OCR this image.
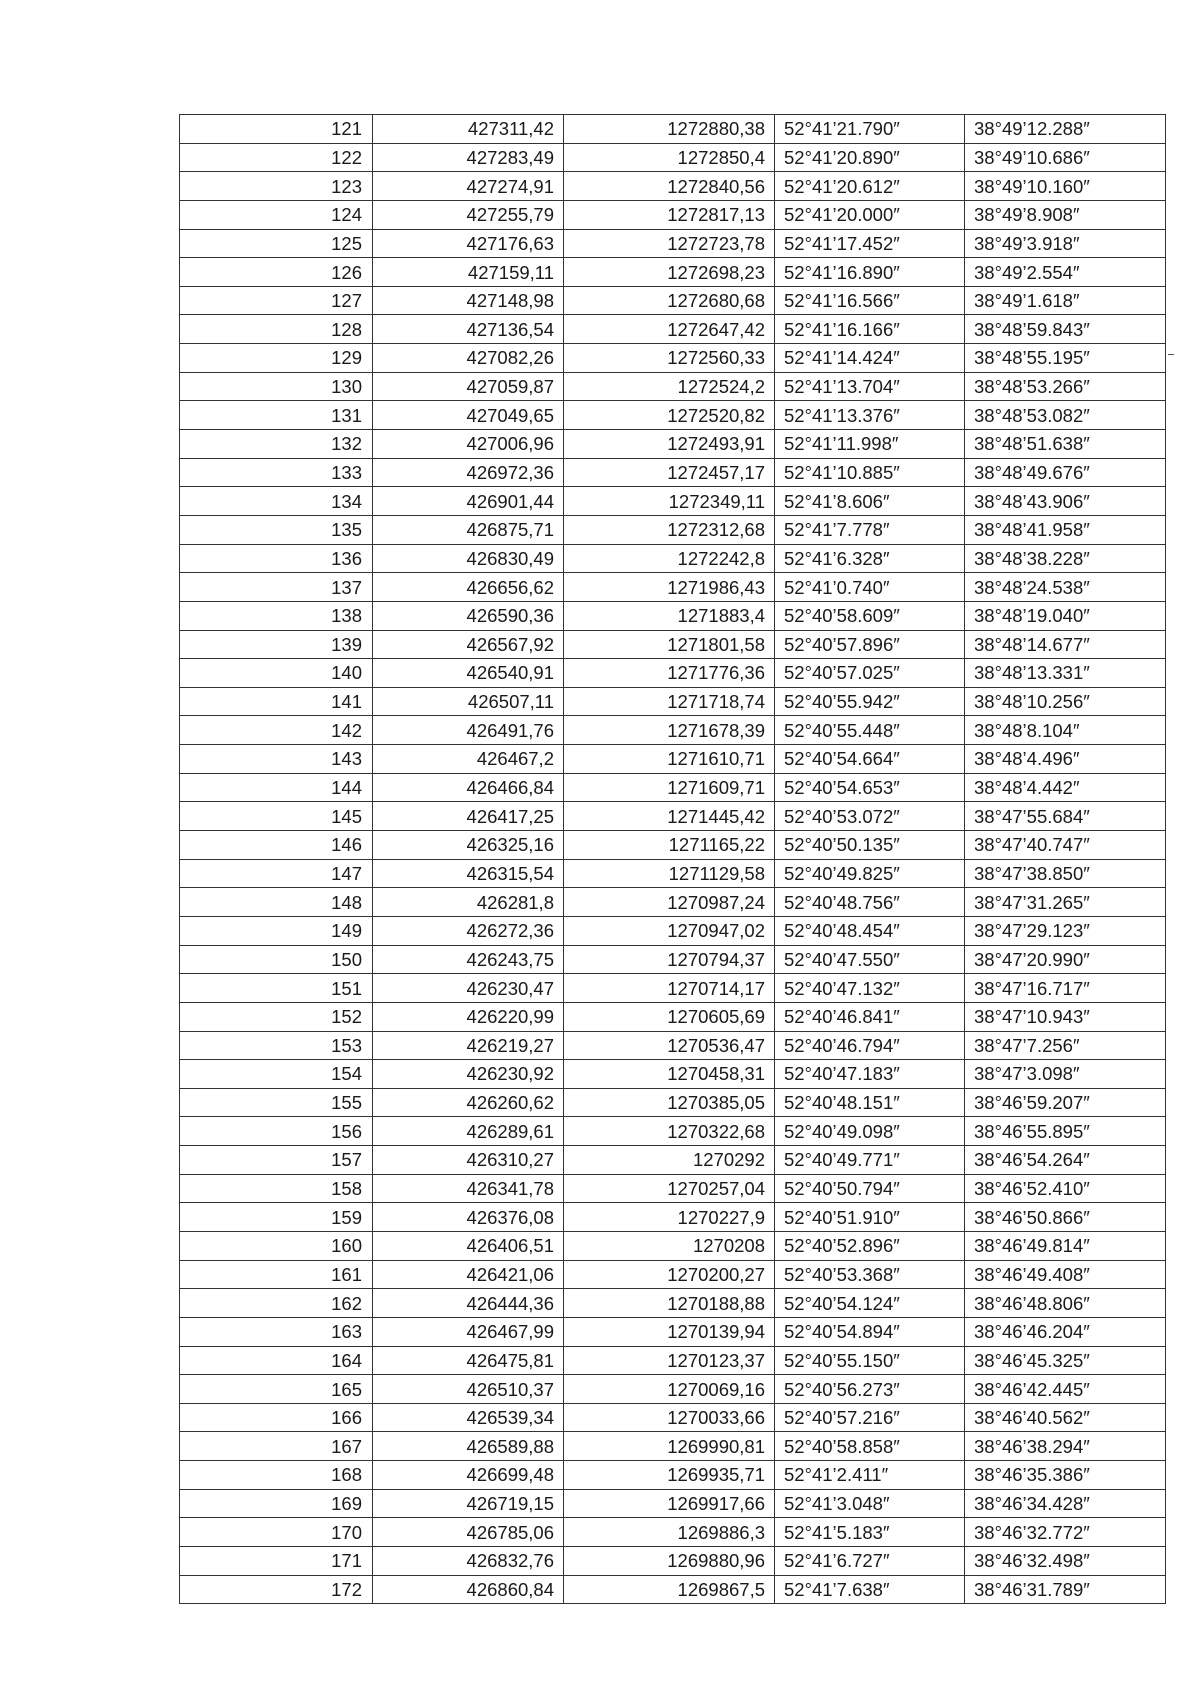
121	427311,42	1272880,38	52°41’21.790″	38°49’12.288″
122	427283,49	1272850,4	52°41’20.890″	38°49’10.686″
123	427274,91	1272840,56	52°41’20.612″	38°49’10.160″
124	427255,79	1272817,13	52°41’20.000″	38°49’8.908″
125	427176,63	1272723,78	52°41’17.452″	38°49’3.918″
126	427159,11	1272698,23	52°41’16.890″	38°49’2.554″
127	427148,98	1272680,68	52°41’16.566″	38°49’1.618″
128	427136,54	1272647,42	52°41’16.166″	38°48’59.843″
129	427082,26	1272560,33	52°41’14.424″	38°48’55.195″
130	427059,87	1272524,2	52°41’13.704″	38°48’53.266″
131	427049,65	1272520,82	52°41’13.376″	38°48’53.082″
132	427006,96	1272493,91	52°41’11.998″	38°48’51.638″
133	426972,36	1272457,17	52°41’10.885″	38°48’49.676″
134	426901,44	1272349,11	52°41’8.606″	38°48’43.906″
135	426875,71	1272312,68	52°41’7.778″	38°48’41.958″
136	426830,49	1272242,8	52°41’6.328″	38°48’38.228″
137	426656,62	1271986,43	52°41’0.740″	38°48’24.538″
138	426590,36	1271883,4	52°40’58.609″	38°48’19.040″
139	426567,92	1271801,58	52°40’57.896″	38°48’14.677″
140	426540,91	1271776,36	52°40’57.025″	38°48’13.331″
141	426507,11	1271718,74	52°40’55.942″	38°48’10.256″
142	426491,76	1271678,39	52°40’55.448″	38°48’8.104″
143	426467,2	1271610,71	52°40’54.664″	38°48’4.496″
144	426466,84	1271609,71	52°40’54.653″	38°48’4.442″
145	426417,25	1271445,42	52°40’53.072″	38°47’55.684″
146	426325,16	1271165,22	52°40’50.135″	38°47’40.747″
147	426315,54	1271129,58	52°40’49.825″	38°47’38.850″
148	426281,8	1270987,24	52°40’48.756″	38°47’31.265″
149	426272,36	1270947,02	52°40’48.454″	38°47’29.123″
150	426243,75	1270794,37	52°40’47.550″	38°47’20.990″
151	426230,47	1270714,17	52°40’47.132″	38°47’16.717″
152	426220,99	1270605,69	52°40’46.841″	38°47’10.943″
153	426219,27	1270536,47	52°40’46.794″	38°47’7.256″
154	426230,92	1270458,31	52°40’47.183″	38°47’3.098″
155	426260,62	1270385,05	52°40’48.151″	38°46’59.207″
156	426289,61	1270322,68	52°40’49.098″	38°46’55.895″
157	426310,27	1270292	52°40’49.771″	38°46’54.264″
158	426341,78	1270257,04	52°40’50.794″	38°46’52.410″
159	426376,08	1270227,9	52°40’51.910″	38°46’50.866″
160	426406,51	1270208	52°40’52.896″	38°46’49.814″
161	426421,06	1270200,27	52°40’53.368″	38°46’49.408″
162	426444,36	1270188,88	52°40’54.124″	38°46’48.806″
163	426467,99	1270139,94	52°40’54.894″	38°46’46.204″
164	426475,81	1270123,37	52°40’55.150″	38°46’45.325″
165	426510,37	1270069,16	52°40’56.273″	38°46’42.445″
166	426539,34	1270033,66	52°40’57.216″	38°46’40.562″
167	426589,88	1269990,81	52°40’58.858″	38°46’38.294″
168	426699,48	1269935,71	52°41’2.411″	38°46’35.386″
169	426719,15	1269917,66	52°41’3.048″	38°46’34.428″
170	426785,06	1269886,3	52°41’5.183″	38°46’32.772″
171	426832,76	1269880,96	52°41’6.727″	38°46’32.498″
172	426860,84	1269867,5	52°41’7.638″	38°46’31.789″
